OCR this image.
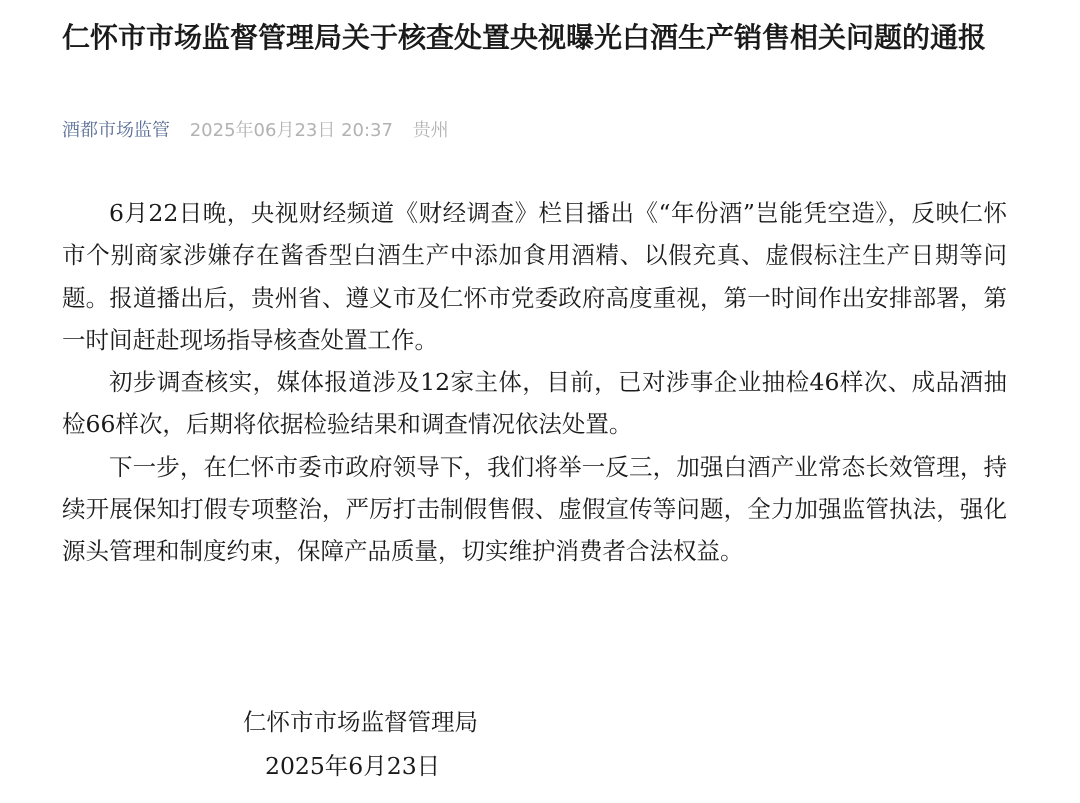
仁怀市市场监督管理局关于核查处置央视曝光白酒生产销售相关问题的通报
酒都市场监管 2025年06月23日 20:37 贵州

6月22日晚，央视财经频道《财经调查》栏目播出《“年份酒”岂能凭空造》，反映仁怀市个别商家涉嫌存在酱香型白酒生产中添加食用酒精、以假充真、虚假标注生产日期等问题。报道播出后，贵州省、遵义市及仁怀市党委政府高度重视，第一时间作出安排部署，第一时间赶赴现场指导核查处置工作。

初步调查核实，媒体报道涉及12家主体，目前，已对涉事企业抽检46样次、成品酒抽检66样次，后期将依据检验结果和调查情况依法处置。

下一步，在仁怀市委市政府领导下，我们将举一反三，加强白酒产业常态长效管理，持续开展保知打假专项整治，严厉打击制假售假、虚假宣传等问题，全力加强监管执法，强化源头管理和制度约束，保障产品质量，切实维护消费者合法权益。

仁怀市市场监督管理局
2025年6月23日
